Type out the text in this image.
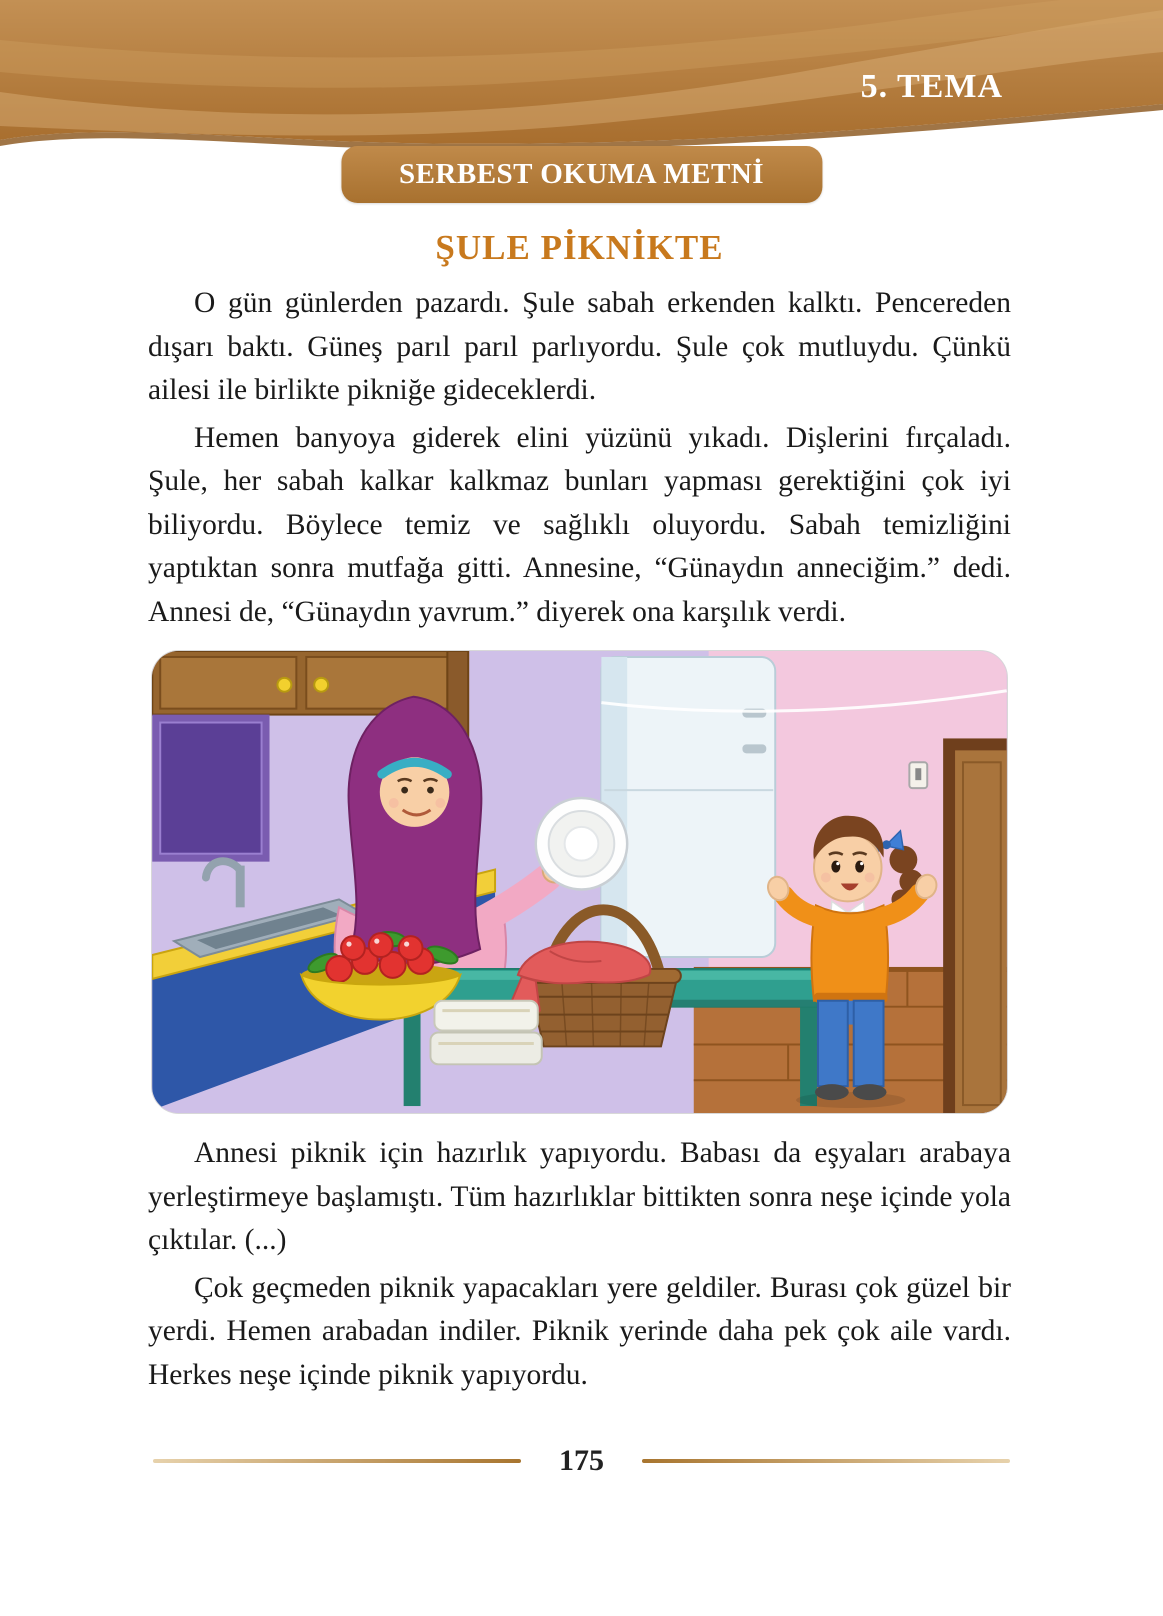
5. TEMA
SERBEST OKUMA METNİ
ŞULE PİKNİKTE

O gün günlerden pazardı. Şule sabah erkenden kalktı. Pencereden dışarı baktı. Güneş parıl parıl parlıyordu. Şule çok mutluydu. Çünkü ailesi ile birlikte pikniğe gideceklerdi.

Hemen banyoya giderek elini yüzünü yıkadı. Dişlerini fırçaladı. Şule, her sabah kalkar kalkmaz bunları yapması gerektiğini çok iyi biliyordu. Böylece temiz ve sağlıklı oluyordu. Sabah temizliğini yaptıktan sonra mutfağa gitti. Annesine, “Günaydın anneciğim.” dedi. Annesi de, “Günaydın yavrum.” diyerek ona karşılık verdi.

Annesi piknik için hazırlık yapıyordu. Babası da eşyaları arabaya yerleştirmeye başlamıştı. Tüm hazırlıklar bittikten sonra neşe içinde yola çıktılar. (...)

Çok geçmeden piknik yapacakları yere geldiler. Burası çok güzel bir yerdi. Hemen arabadan indiler. Piknik yerinde daha pek çok aile vardı. Herkes neşe içinde piknik yapıyordu.

175
